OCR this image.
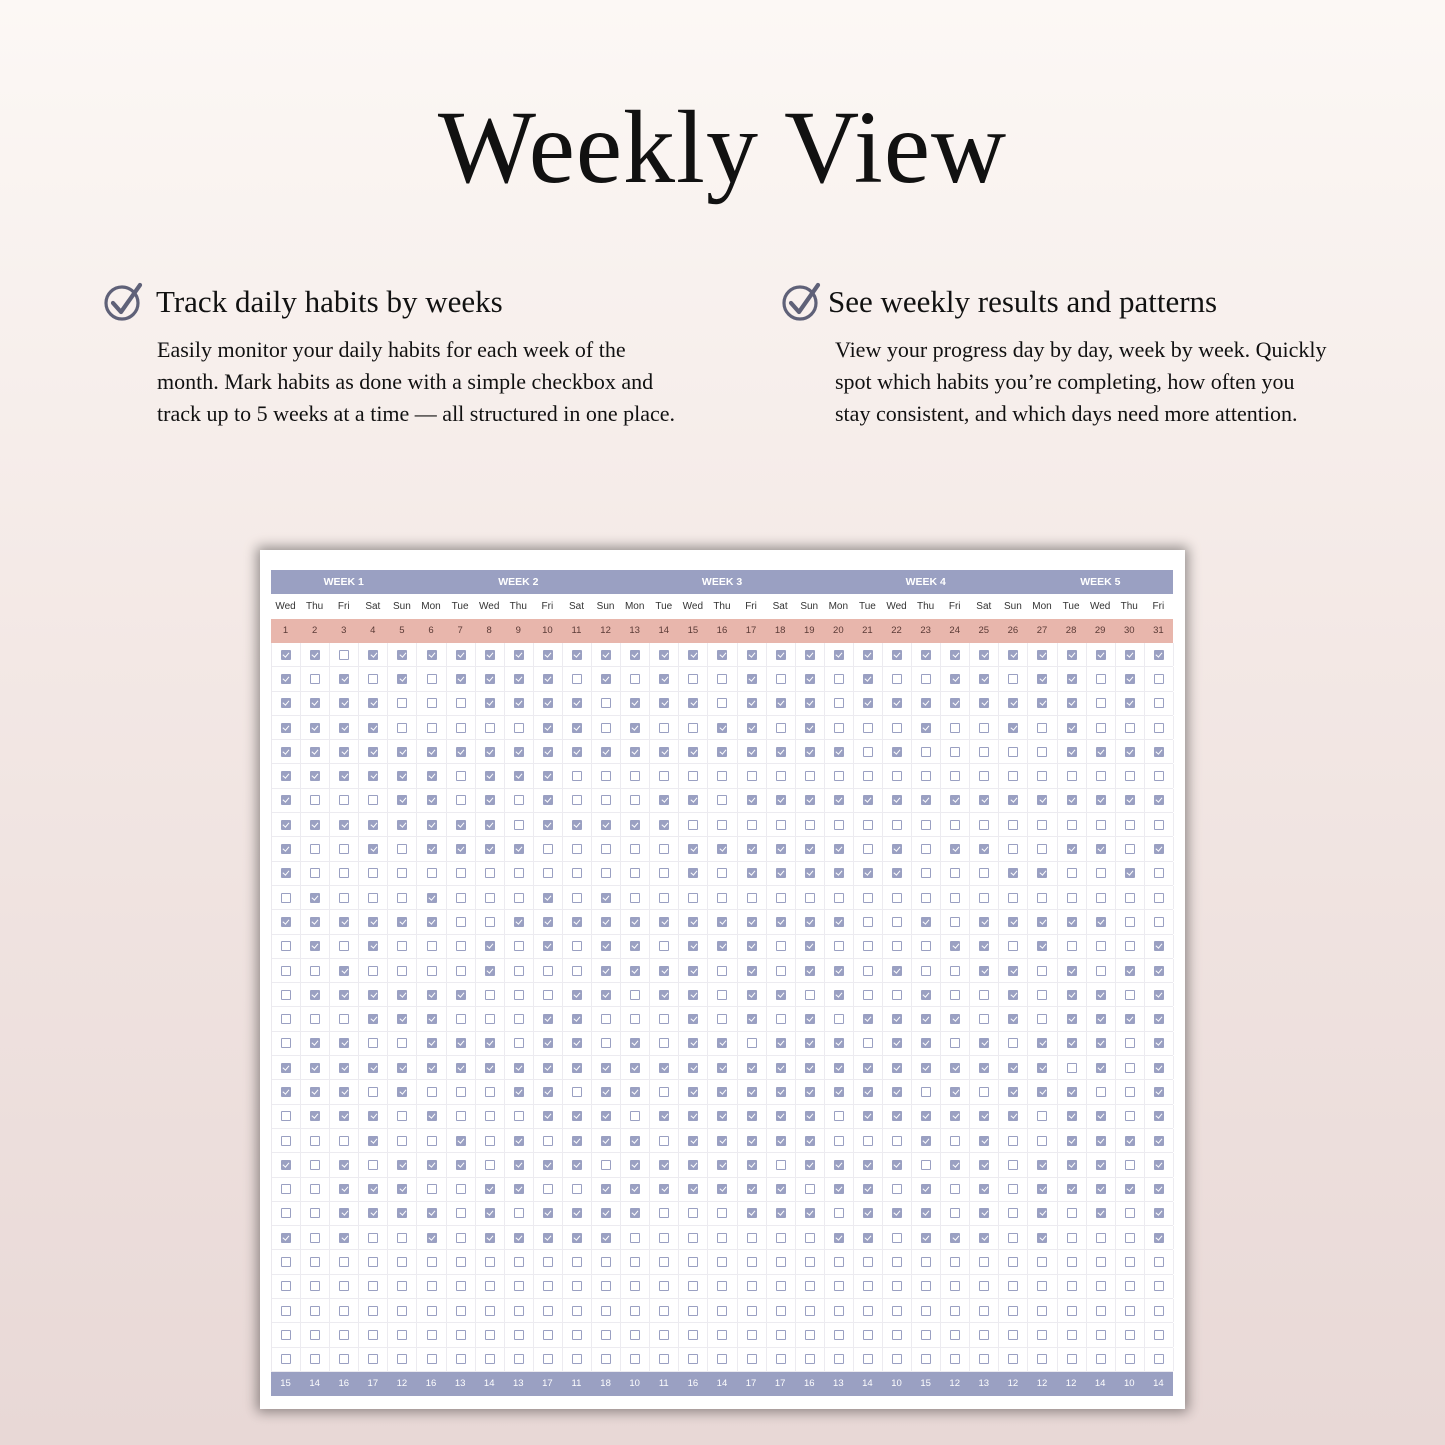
Weekly View
Track daily habits by weeks
Easily monitor your daily habits for each week of the month. Mark habits as done with a simple checkbox and track up to 5 weeks at a time — all structured in one place.
See weekly results and patterns
View your progress day by day, week by week. Quickly spot which habits you’re completing, how often you stay consistent, and which days need more attention.
WEEK 1	WEEK 2	WEEK 3	WEEK 4	WEEK 5
Wed	Thu	Fri	Sat	Sun	Mon	Tue	Wed	Thu	Fri	Sat	Sun	Mon	Tue	Wed	Thu	Fri	Sat	Sun	Mon	Tue	Wed	Thu	Fri	Sat	Sun	Mon	Tue	Wed	Thu	Fri
1	2	3	4	5	6	7	8	9	10	11	12	13	14	15	16	17	18	19	20	21	22	23	24	25	26	27	28	29	30	31
15	14	16	17	12	16	13	14	13	17	11	18	10	11	16	14	17	17	16	13	14	10	15	12	13	12	12	12	14	10	14
